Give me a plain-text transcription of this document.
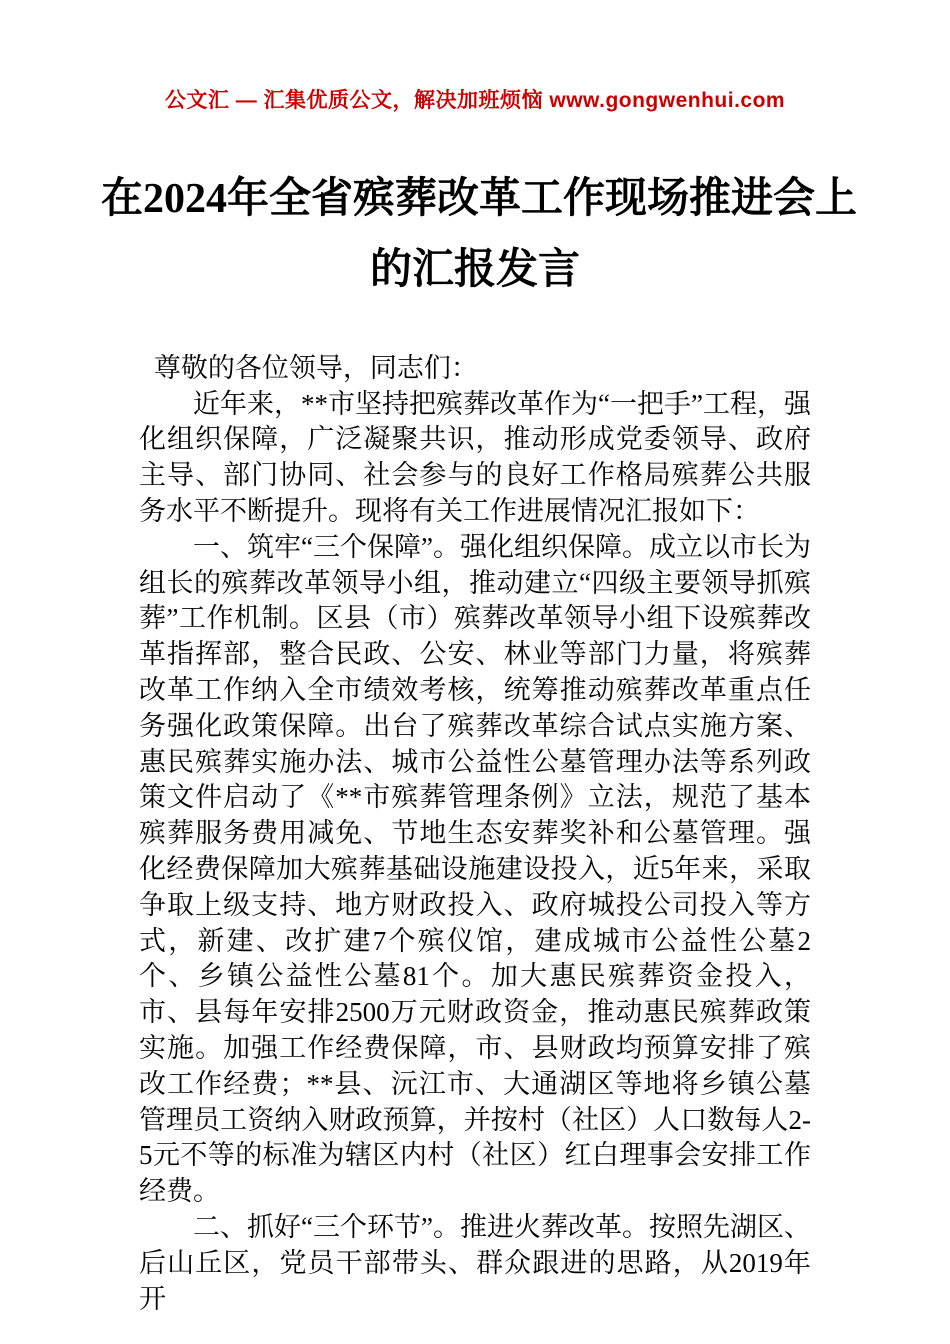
公文汇 — 汇集优质公文，解决加班烦恼 www.gongwenhui.com
在2024年全省殡葬改革工作现场推进会上
的汇报发言

尊敬的各位领导，同志们：

近年来，**市坚持把殡葬改革作为“一把手”工程，强化组织保障，广泛凝聚共识，推动形成党委领导、政府主导、部门协同、社会参与的良好工作格局殡葬公共服务水平不断提升。现将有关工作进展情况汇报如下：

一、筑牢“三个保障”。强化组织保障。成立以市长为组长的殡葬改革领导小组，推动建立“四级主要领导抓殡葬”工作机制。区县（市）殡葬改革领导小组下设殡葬改革指挥部，整合民政、公安、林业等部门力量，将殡葬改革工作纳入全市绩效考核，统筹推动殡葬改革重点任务强化政策保障。出台了殡葬改革综合试点实施方案、惠民殡葬实施办法、城市公益性公墓管理办法等系列政策文件启动了《**市殡葬管理条例》立法，规范了基本殡葬服务费用减免、节地生态安葬奖补和公墓管理。强化经费保障加大殡葬基础设施建设投入，近5年来，采取争取上级支持、地方财政投入、政府城投公司投入等方式，新建、改扩建7个殡仪馆，建成城市公益性公墓2个、乡镇公益性公墓81个。加大惠民殡葬资金投入，市、县每年安排2500万元财政资金，推动惠民殡葬政策实施。加强工作经费保障，市、县财政均预算安排了殡改工作经费；**县、沅江市、大通湖区等地将乡镇公墓管理员工资纳入财政预算，并按村（社区）人口数每人2-5元不等的标准为辖区内村（社区）红白理事会安排工作经费。

二、抓好“三个环节”。推进火葬改革。按照先湖区、后山丘区，党员干部带头、群众跟进的思路，从2019年开
